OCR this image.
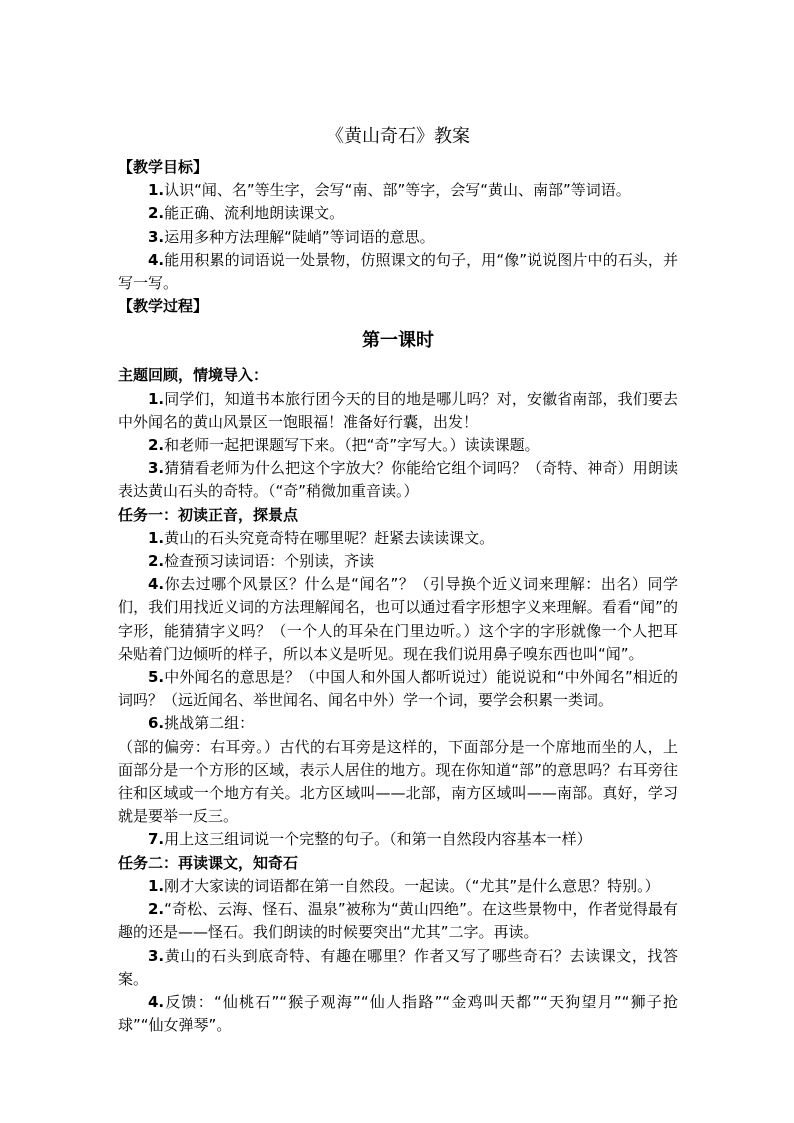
《黄山奇石》教案

【教学目标】

1.认识“闻、名”等生字，会写“南、部”等字，会写“黄山、南部”等词语。

2.能正确、流利地朗读课文。

3.运用多种方法理解“陡峭”等词语的意思。

4.能用积累的词语说一处景物，仿照课文的句子，用“像”说说图片中的石头，并写一写。

【教学过程】

第一课时

主题回顾，情境导入：

1.同学们，知道书本旅行团今天的目的地是哪儿吗？对，安徽省南部，我们要去中外闻名的黄山风景区一饱眼福！准备好行囊，出发！

2.和老师一起把课题写下来。（把“奇”字写大。）读读课题。

3.猜猜看老师为什么把这个字放大？你能给它组个词吗？（奇特、神奇）用朗读表达黄山石头的奇特。（“奇”稍微加重音读。）

任务一：初读正音，探景点

1.黄山的石头究竟奇特在哪里呢？赶紧去读读课文。

2.检查预习读词语：个别读，齐读

4.你去过哪个风景区？什么是“闻名”？（引导换个近义词来理解：出名）同学们，我们用找近义词的方法理解闻名，也可以通过看字形想字义来理解。看看“闻”的字形，能猜猜字义吗？（一个人的耳朵在门里边听。）这个字的字形就像一个人把耳朵贴着门边倾听的样子，所以本义是听见。现在我们说用鼻子嗅东西也叫“闻”。

5.中外闻名的意思是？（中国人和外国人都听说过）能说说和“中外闻名”相近的词吗？（远近闻名、举世闻名、闻名中外）学一个词，要学会积累一类词。

6.挑战第二组：

（部的偏旁：右耳旁。）古代的右耳旁是这样的，下面部分是一个席地而坐的人，上面部分是一个方形的区域，表示人居住的地方。现在你知道“部”的意思吗？右耳旁往往和区域或一个地方有关。北方区域叫——北部，南方区域叫——南部。真好，学习就是要举一反三。

7.用上这三组词说一个完整的句子。（和第一自然段内容基本一样）

任务二：再读课文，知奇石

1.刚才大家读的词语都在第一自然段。一起读。（“尤其”是什么意思？特别。）

2.“奇松、云海、怪石、温泉”被称为“黄山四绝”。在这些景物中，作者觉得最有趣的还是——怪石。我们朗读的时候要突出“尤其”二字。再读。

3.黄山的石头到底奇特、有趣在哪里？作者又写了哪些奇石？去读课文，找答案。

4.反馈：“仙桃石”“猴子观海”“仙人指路”“金鸡叫天都”“天狗望月”“狮子抢球”“仙女弹琴”。
